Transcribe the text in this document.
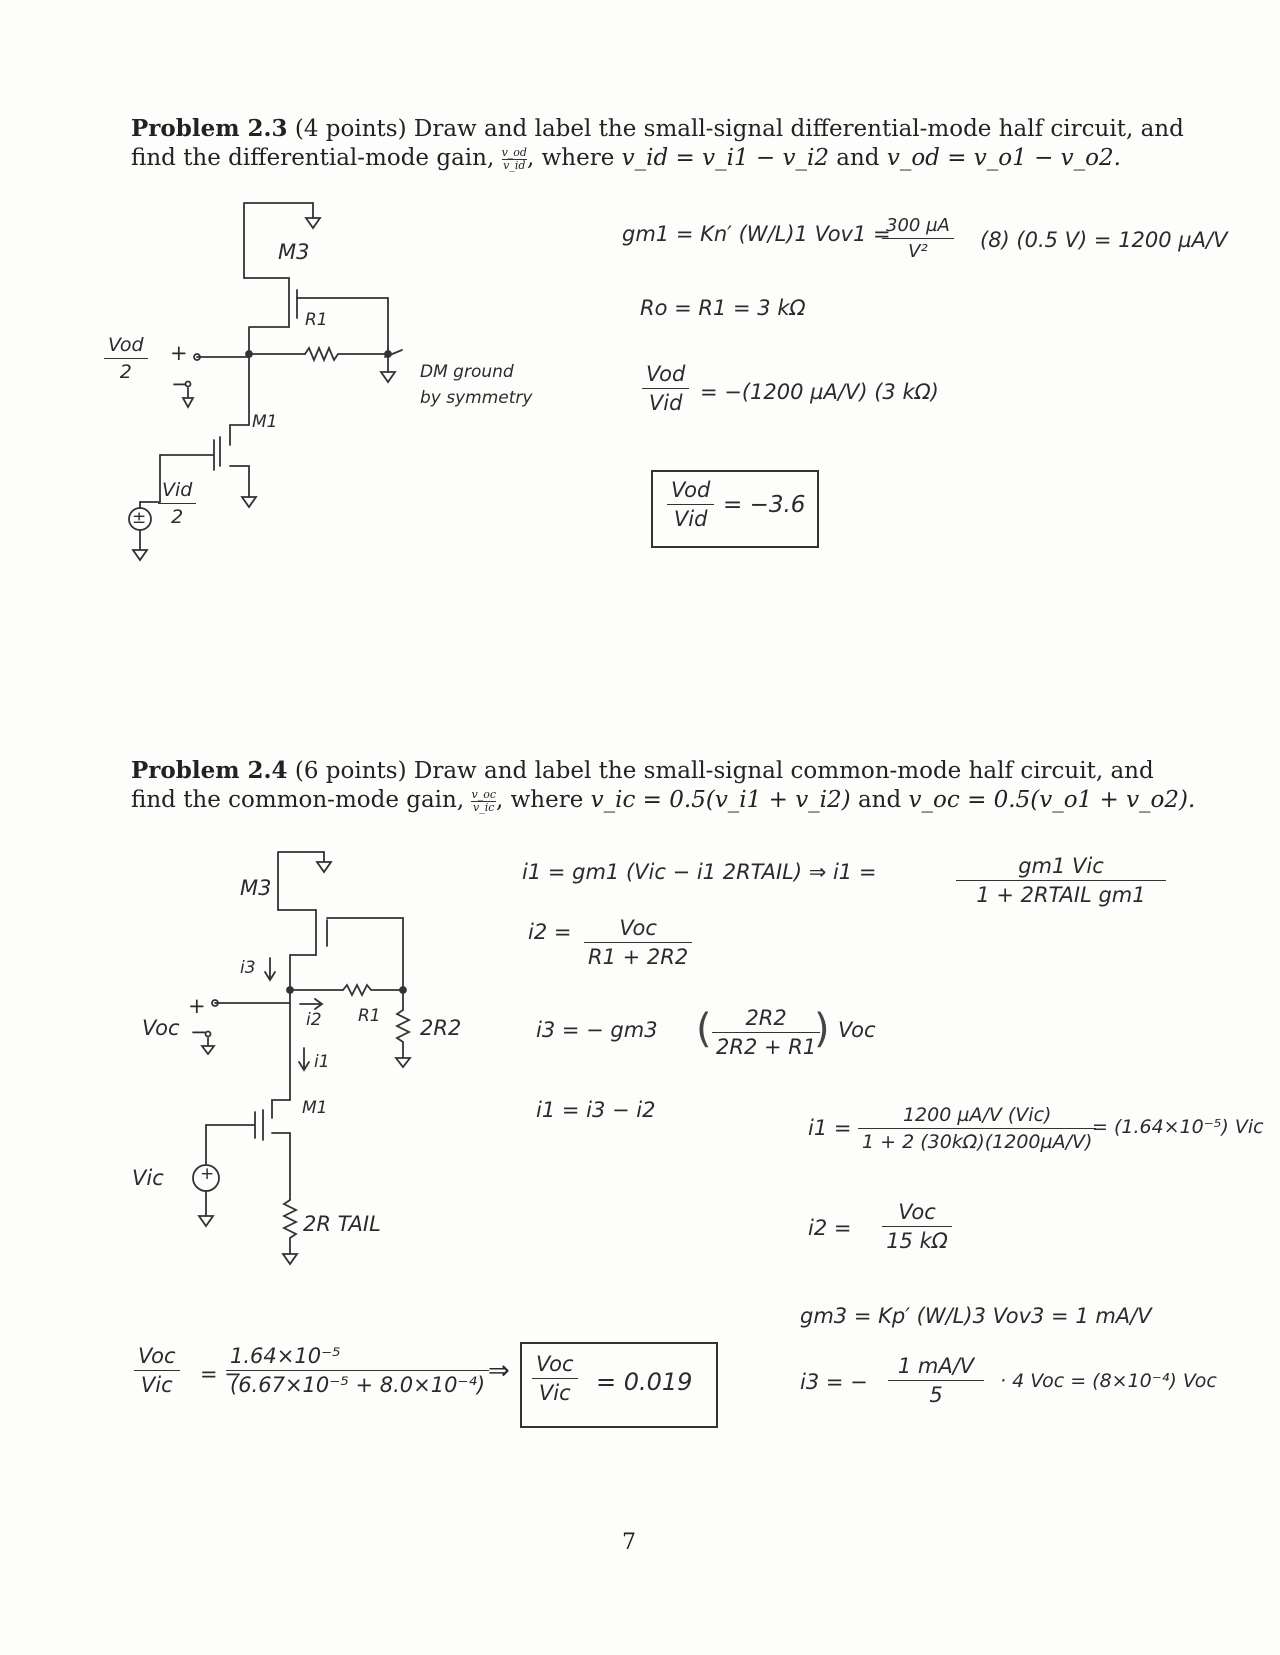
Problem 2.3 (4 points) Draw and label the small-signal differential-mode half circuit, and
find the differential-mode gain, $\frac{v\_od}{v\_id}$ , where v_id = v_i1 − v_i2 and v_od = v_o1 − v_o2.
M3
R1
M1
Vod
2
+
−
±
Vid
2
DM ground
by symmetry
gm1 = Kn′ (W/L)1 Vov1 =
300 µA
V²	(8) (0.5 V) = 1200 µA/V
Ro = R1 = 3 kΩ
Vod
Vid = −(1200 µA/V) (3 kΩ)
Vod
Vid
= −3.6
Problem 2.4 (6 points) Draw and label the small-signal common-mode half circuit, and
find the common-mode gain, $\frac{v\_oc}{v\_ic}$ , where v_ic = 0.5(v_i1 + v_i2) and v_oc = 0.5(v_o1 + v_o2).
M3
i3
i2 R1 2R2
i1
M1
2R TAIL
Voc
+
−
Vic +
i1 = gm1 (Vic − i1 2RTAIL) ⇒ i1 =	gm1 Vic
1 + 2RTAIL gm1
i2 =	Voc
R1 + 2R2
i3 = − gm3 ( $\frac{2R2}{2R2 + R1}$
) Voc
i1 = i3 − i2
i1 =
1200 µA/V (Vic)
1 + 2 (30kΩ)(1200µA/V)
= (1.64×10⁻⁵) Vic
i2 =
Voc
15 kΩ
gm3 = Kp′ (W/L)3 Vov3 = 1 mA/V
i3 = − $\frac{1 mA/V}{5} \cdot 4$ Voc = (8×10⁻⁴) Voc
Voc
Vic	= −
$\frac{\text{1.64×10⁻⁵}}{\text{(6.67×10⁻⁵ + 8.0×10⁻⁴)}}$
⇒ Voc
Vic = 0.019
7
